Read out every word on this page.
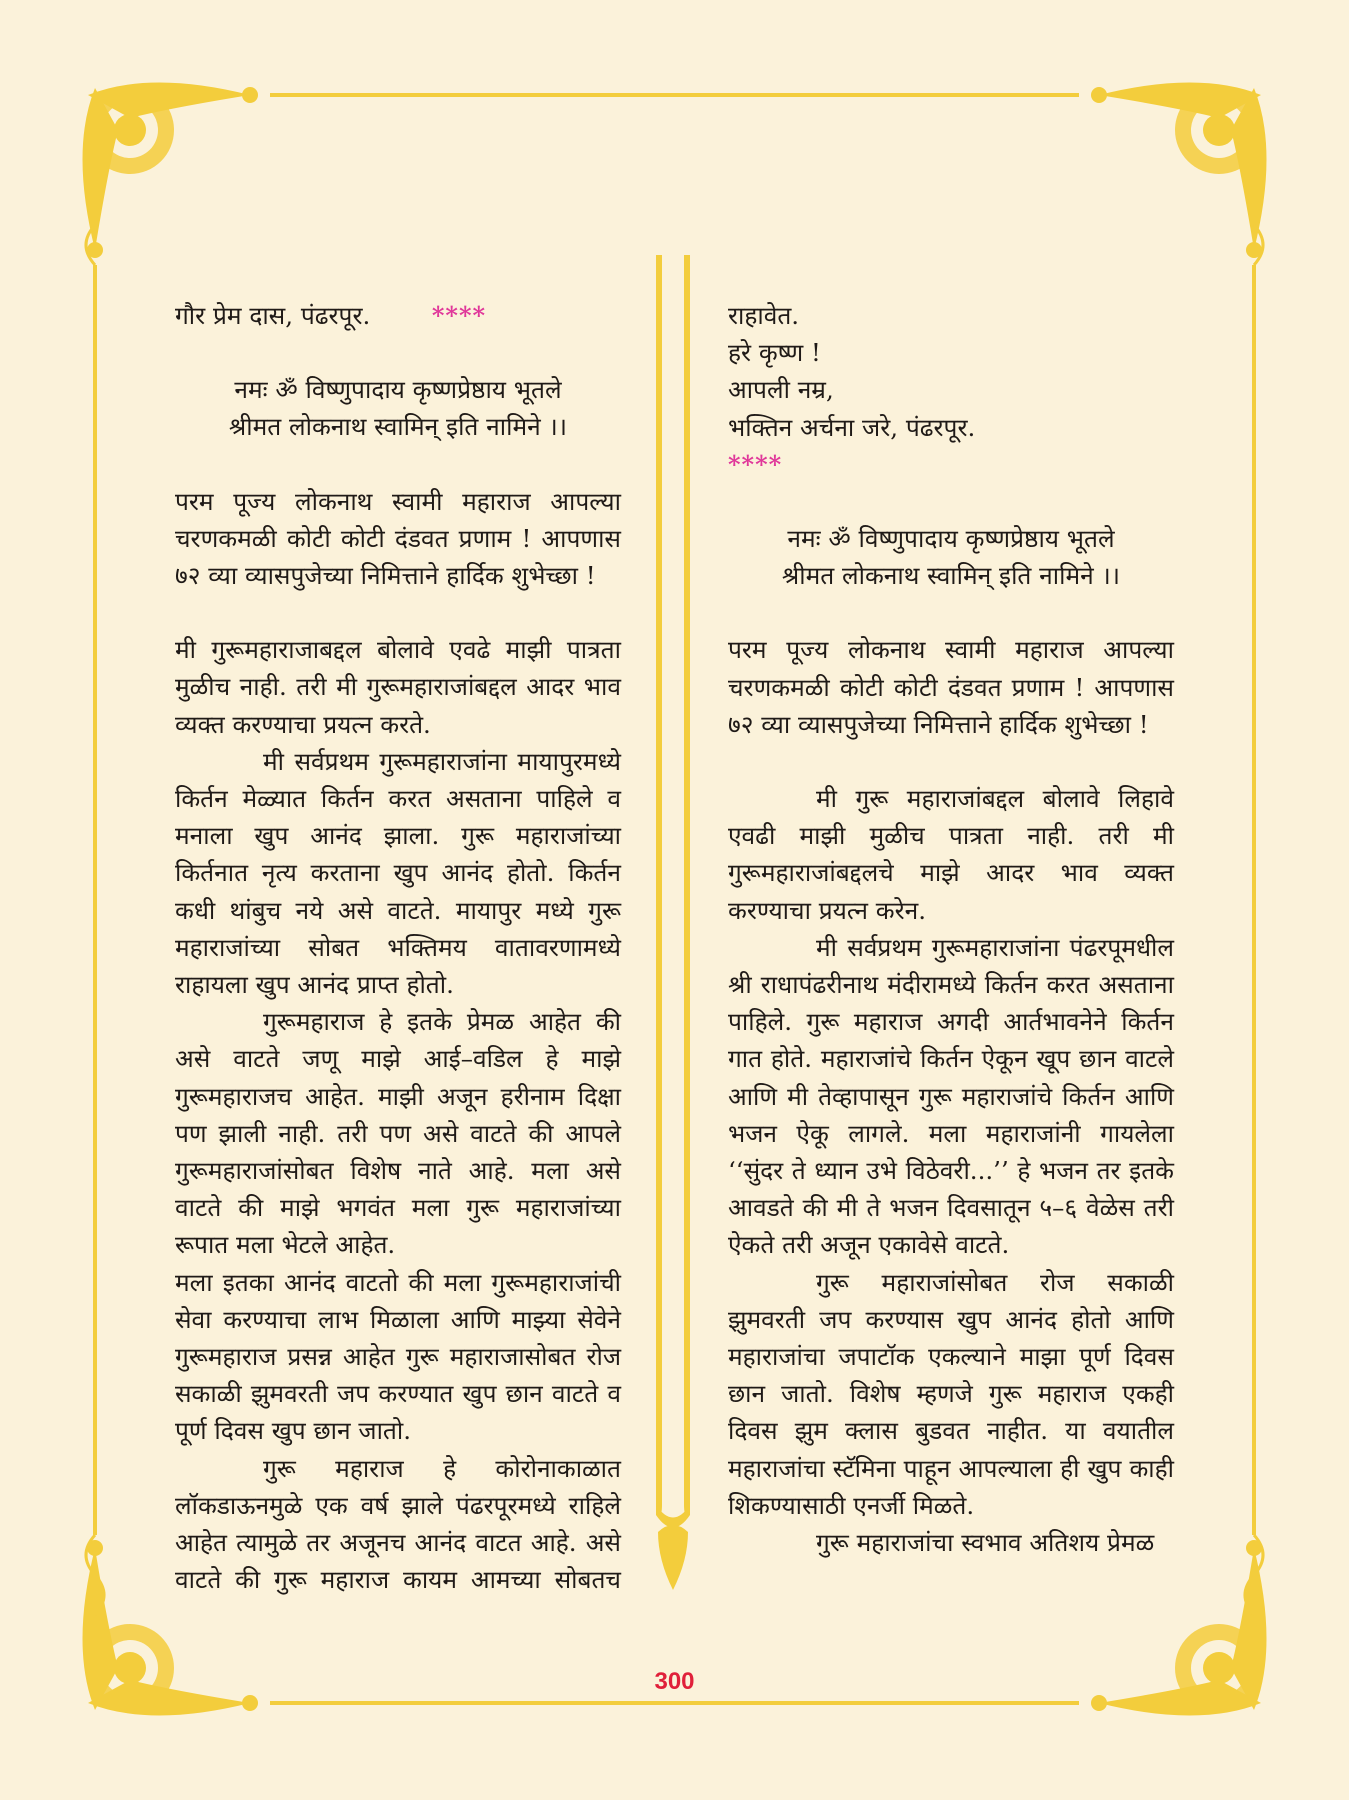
गौर प्रेम दास, पंढरपूर.	****

नमः ॐ विष्णुपादाय कृष्णप्रेष्ठाय भूतले

श्रीमत लोकनाथ स्वामिन् इति नामिने ।।

परम पूज्य लोकनाथ स्वामी महाराज आपल्या चरणकमळी कोटी कोटी दंडवत प्रणाम ! आपणास ७२ व्या व्यासपुजेच्या निमित्ताने हार्दिक शुभेच्छा !

मी गुरूमहाराजाबद्दल बोलावे एवढे माझी पात्रता मुळीच नाही. तरी मी गुरूमहाराजांबद्दल आदर भाव व्यक्त करण्याचा प्रयत्न करते.

मी सर्वप्रथम गुरूमहाराजांना मायापुरमध्ये किर्तन मेळ्यात किर्तन करत असताना पाहिले व मनाला खुप आनंद झाला. गुरू महाराजांच्या किर्तनात नृत्य करताना खुप आनंद होतो. किर्तन कधी थांबुच नये असे वाटते. मायापुर मध्ये गुरू महाराजांच्या सोबत भक्तिमय वातावरणामध्ये राहायला खुप आनंद प्राप्त होतो.

गुरूमहाराज हे इतके प्रेमळ आहेत की असे वाटते जणू माझे आई–वडिल हे माझे गुरूमहाराजच आहेत. माझी अजून हरीनाम दिक्षा पण झाली नाही. तरी पण असे वाटते की आपले गुरूमहाराजांसोबत विशेष नाते आहे. मला असे वाटते की माझे भगवंत मला गुरू महाराजांच्या रूपात मला भेटले आहेत.

मला इतका आनंद वाटतो की मला गुरूमहाराजांची सेवा करण्याचा लाभ मिळाला आणि माझ्या सेवेने गुरूमहाराज प्रसन्न आहेत गुरू महाराजासोबत रोज सकाळी झुमवरती जप करण्यात खुप छान वाटते व पूर्ण दिवस खुप छान जातो.

गुरू महाराज हे कोरोनाकाळात लॉकडाऊनमुळे एक वर्ष झाले पंढरपूरमध्ये राहिले आहेत त्यामुळे तर अजूनच आनंद वाटत आहे. असे वाटते की गुरू महाराज कायम आमच्या सोबतच

राहावेत.

हरे कृष्ण !

आपली नम्र,

भक्तिन अर्चना जरे, पंढरपूर.

****

नमः ॐ विष्णुपादाय कृष्णप्रेष्ठाय भूतले

श्रीमत लोकनाथ स्वामिन् इति नामिने ।।

परम पूज्य लोकनाथ स्वामी महाराज आपल्या चरणकमळी कोटी कोटी दंडवत प्रणाम ! आपणास ७२ व्या व्यासपुजेच्या निमित्ताने हार्दिक शुभेच्छा !

मी गुरू महाराजांबद्दल बोलावे लिहावे एवढी माझी मुळीच पात्रता नाही. तरी मी गुरूमहाराजांबद्दलचे माझे आदर भाव व्यक्त करण्याचा प्रयत्न करेन.

मी सर्वप्रथम गुरूमहाराजांना पंढरपूमधील श्री राधापंढरीनाथ मंदीरामध्ये किर्तन करत असताना पाहिले. गुरू महाराज अगदी आर्तभावनेने किर्तन गात होते. महाराजांचे किर्तन ऐकून खूप छान वाटले आणि मी तेव्हापासून गुरू महाराजांचे किर्तन आणि भजन ऐकू लागले. मला महाराजांनी गायलेला ‘‘सुंदर ते ध्यान उभे विठेवरी...’’ हे भजन तर इतके आवडते की मी ते भजन दिवसातून ५–६ वेळेस तरी ऐकते तरी अजून एकावेसे वाटते.

गुरू महाराजांसोबत रोज सकाळी झुमवरती जप करण्यास खुप आनंद होतो आणि महाराजांचा जपाटॉक एकल्याने माझा पूर्ण दिवस छान जातो. विशेष म्हणजे गुरू महाराज एकही दिवस झुम क्लास बुडवत नाहीत. या वयातील महाराजांचा स्टॅमिना पाहून आपल्याला ही खुप काही शिकण्यासाठी एनर्जी मिळते.

गुरू महाराजांचा स्वभाव अतिशय प्रेमळ

300
